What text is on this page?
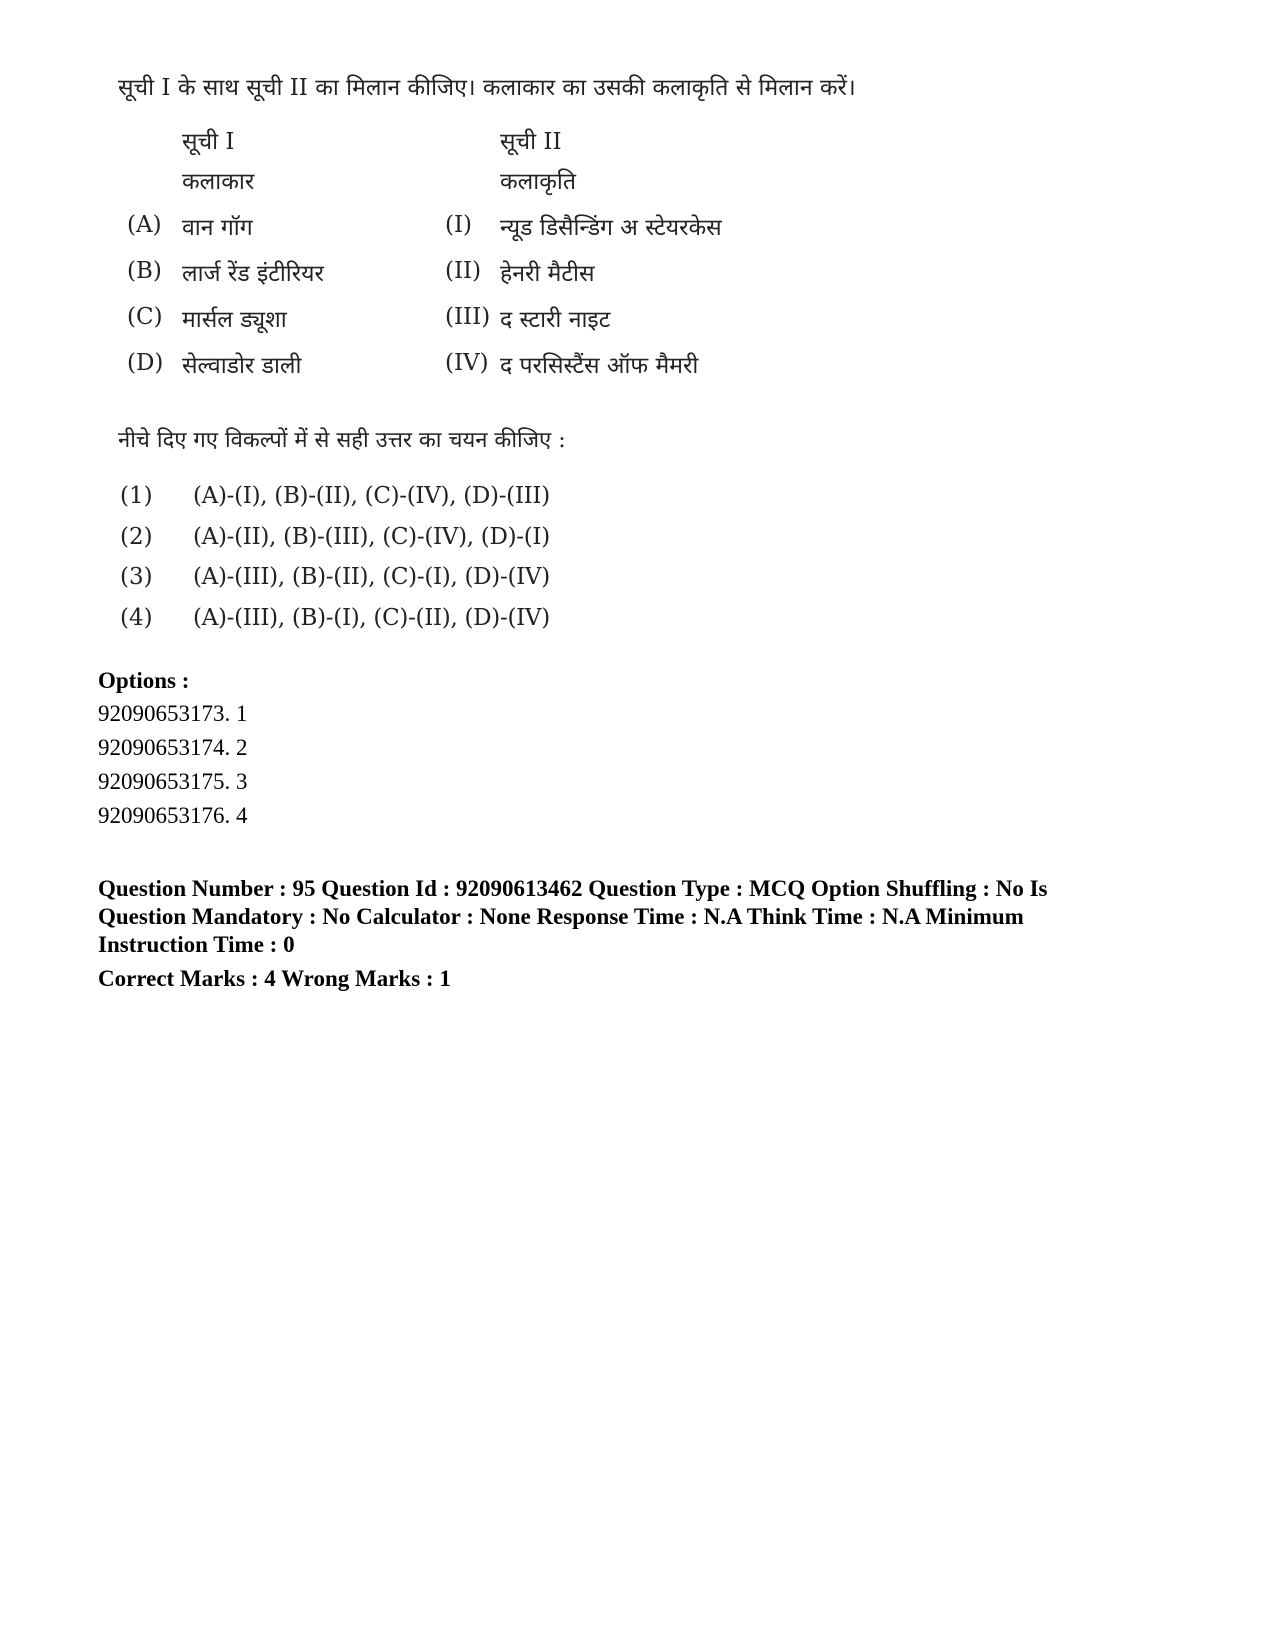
सूची I के साथ सूची II का मिलान कीजिए। कलाकार का उसकी कलाकृति से मिलान करें।
सूची I
कलाकार
सूची II
कलाकृति
(A) वान गॉग
(B) लार्ज रेंड इंटीरियर
(C) मार्सल ड्यूशा
(D) सेल्वाडोर डाली
(I) न्यूड डिसैन्डिंग अ स्टेयरकेस
(II) हेनरी मैटीस
(III) द स्टारी नाइट
(IV) द परसिस्टैंस ऑफ मैमरी
नीचे दिए गए विकल्पों में से सही उत्तर का चयन कीजिए :
(1) (A)-(I), (B)-(II), (C)-(IV), (D)-(III)
(2) (A)-(II), (B)-(III), (C)-(IV), (D)-(I)
(3) (A)-(III), (B)-(II), (C)-(I), (D)-(IV)
(4) (A)-(III), (B)-(I), (C)-(II), (D)-(IV)
Options :
92090653173. 1
92090653174. 2
92090653175. 3
92090653176. 4
Question Number : 95 Question Id : 92090613462 Question Type : MCQ Option Shuffling : No Is
Question Mandatory : No Calculator : None Response Time : N.A Think Time : N.A Minimum
Instruction Time : 0
Correct Marks : 4 Wrong Marks : 1
